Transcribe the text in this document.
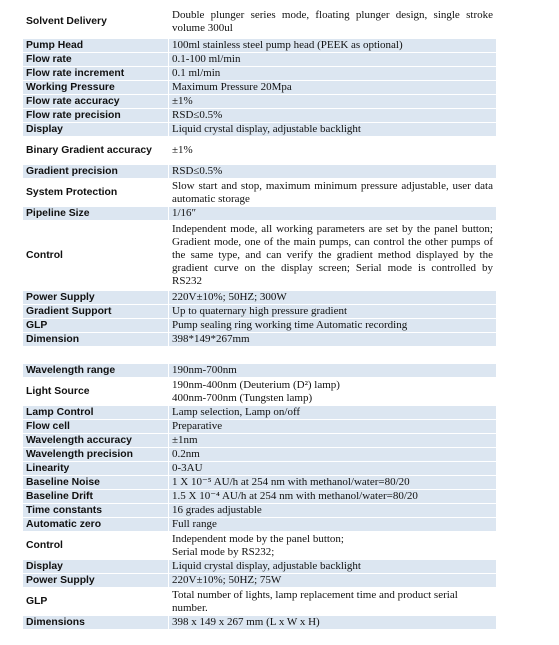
Solvent Delivery	Double plunger series mode, floating plunger design, single stroke volume 300ul
Pump Head	100ml stainless steel pump head (PEEK as optional)
Flow rate	0.1-100 ml/min
Flow rate increment	0.1 ml/min
Working Pressure	Maximum Pressure 20Mpa
Flow rate accuracy	±1%
Flow rate precision	RSD≤0.5%
Display	Liquid crystal display, adjustable backlight
Binary Gradient accuracy	±1%
Gradient precision	RSD≤0.5%
System Protection	Slow start and stop, maximum minimum pressure adjustable, user data automatic storage
Pipeline Size	1/16″
Control	Independent mode, all working parameters are set by the panel button; Gradient mode, one of the main pumps, can control the other pumps of the same type, and can verify the gradient method displayed by the gradient curve on the display screen; Serial mode is controlled by RS232
Power Supply	220V±10%; 50HZ; 300W
Gradient Support	Up to quaternary high pressure gradient
GLP	Pump sealing ring working time Automatic recording
Dimension	398*149*267mm
Wavelength range	190nm-700nm
Light Source	190nm-400nm (Deuterium (D²) lamp)
400nm-700nm (Tungsten lamp)
Lamp Control	Lamp selection, Lamp on/off
Flow cell	Preparative
Wavelength accuracy	±1nm
Wavelength precision	0.2nm
Linearity	0-3AU
Baseline Noise	1 X 10⁻⁵ AU/h at 254 nm with methanol/water=80/20
Baseline Drift	1.5 X 10⁻⁴ AU/h at 254 nm with methanol/water=80/20
Time constants	16 grades adjustable
Automatic zero	Full range
Control	Independent mode by the panel button;
Serial mode by RS232;
Display	Liquid crystal display, adjustable backlight
Power Supply	220V±10%; 50HZ; 75W
GLP	Total number of lights, lamp replacement time and product serial number.
Dimensions	398 x 149 x 267 mm (L x W x H)
